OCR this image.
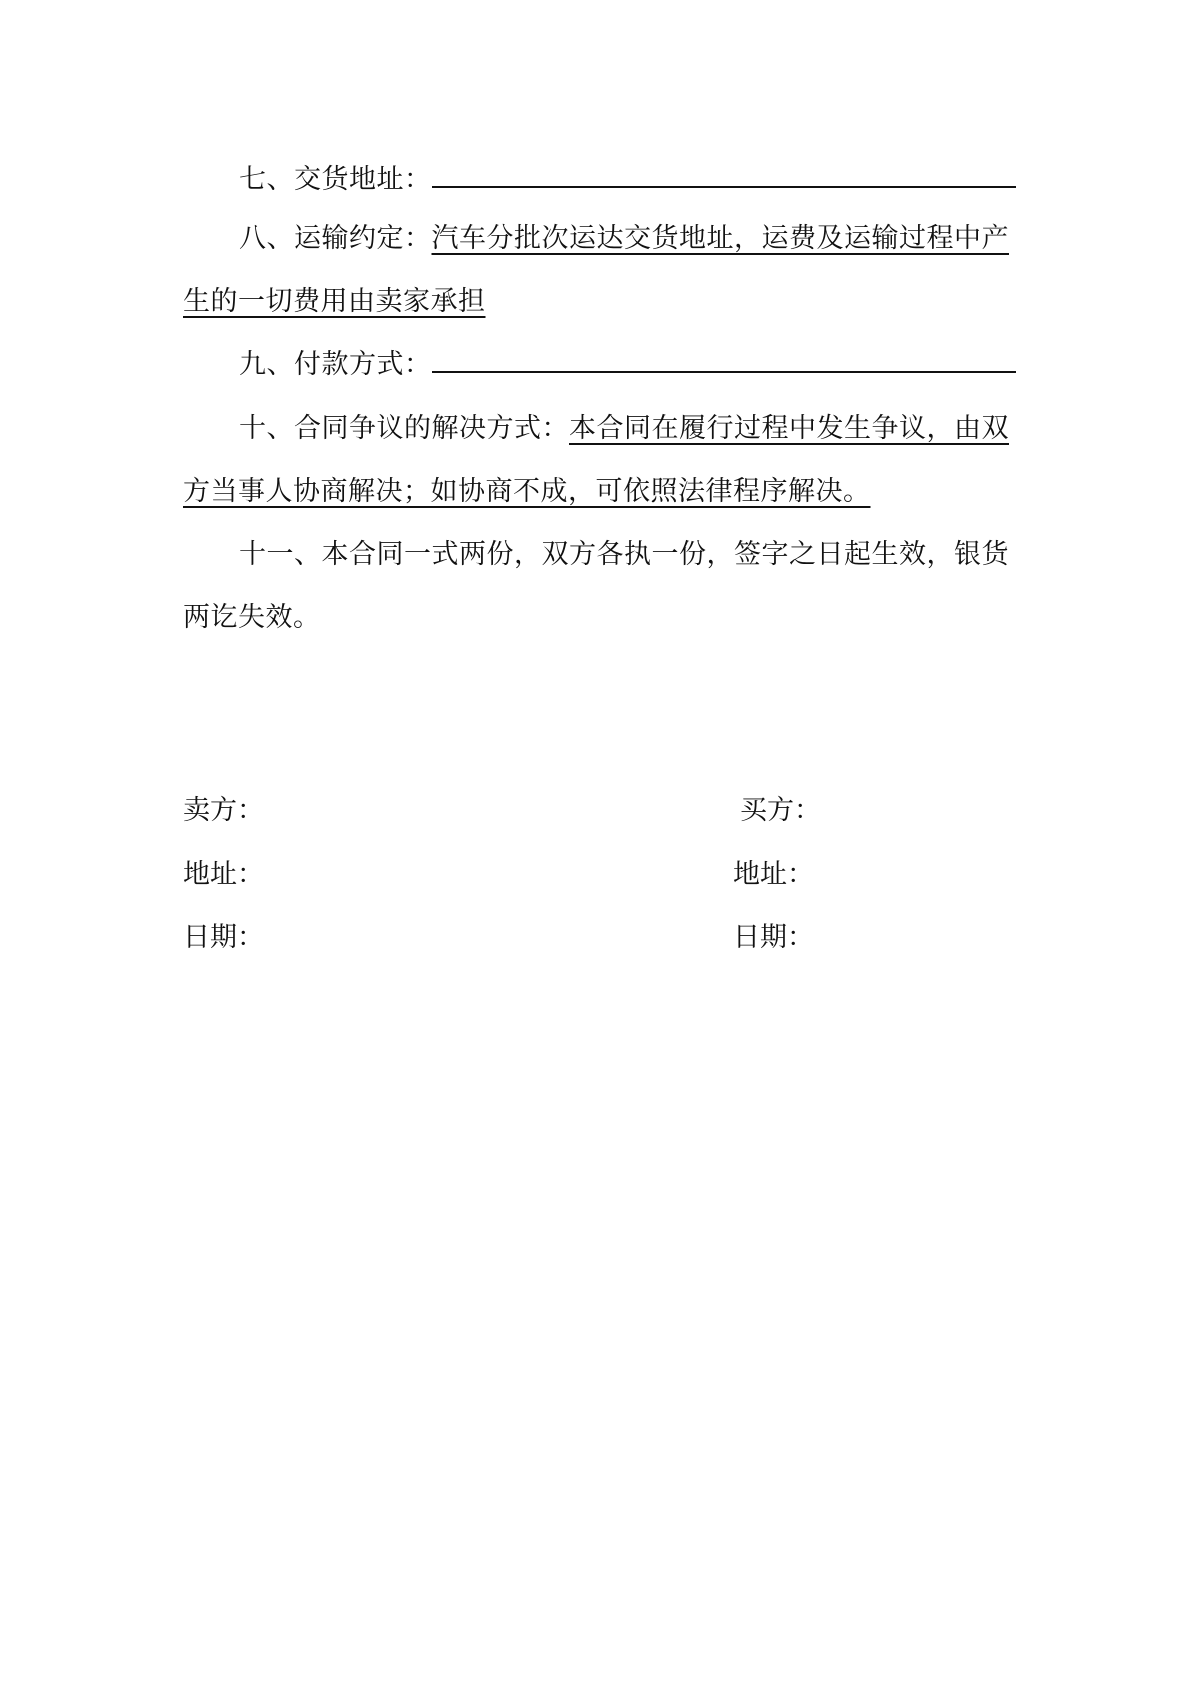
七、交货地址：
八、运输约定：汽车分批次运达交货地址，运费及运输过程中产生的一切费用由卖家承担
九、付款方式：
十、合同争议的解决方式：本合同在履行过程中发生争议，由双方当事人协商解决；如协商不成，可依照法律程序解决。
十一、本合同一式两份，双方各执一份，签字之日起生效，银货两讫失效。
卖方：	买方：
地址：	地址：
日期：	日期：
